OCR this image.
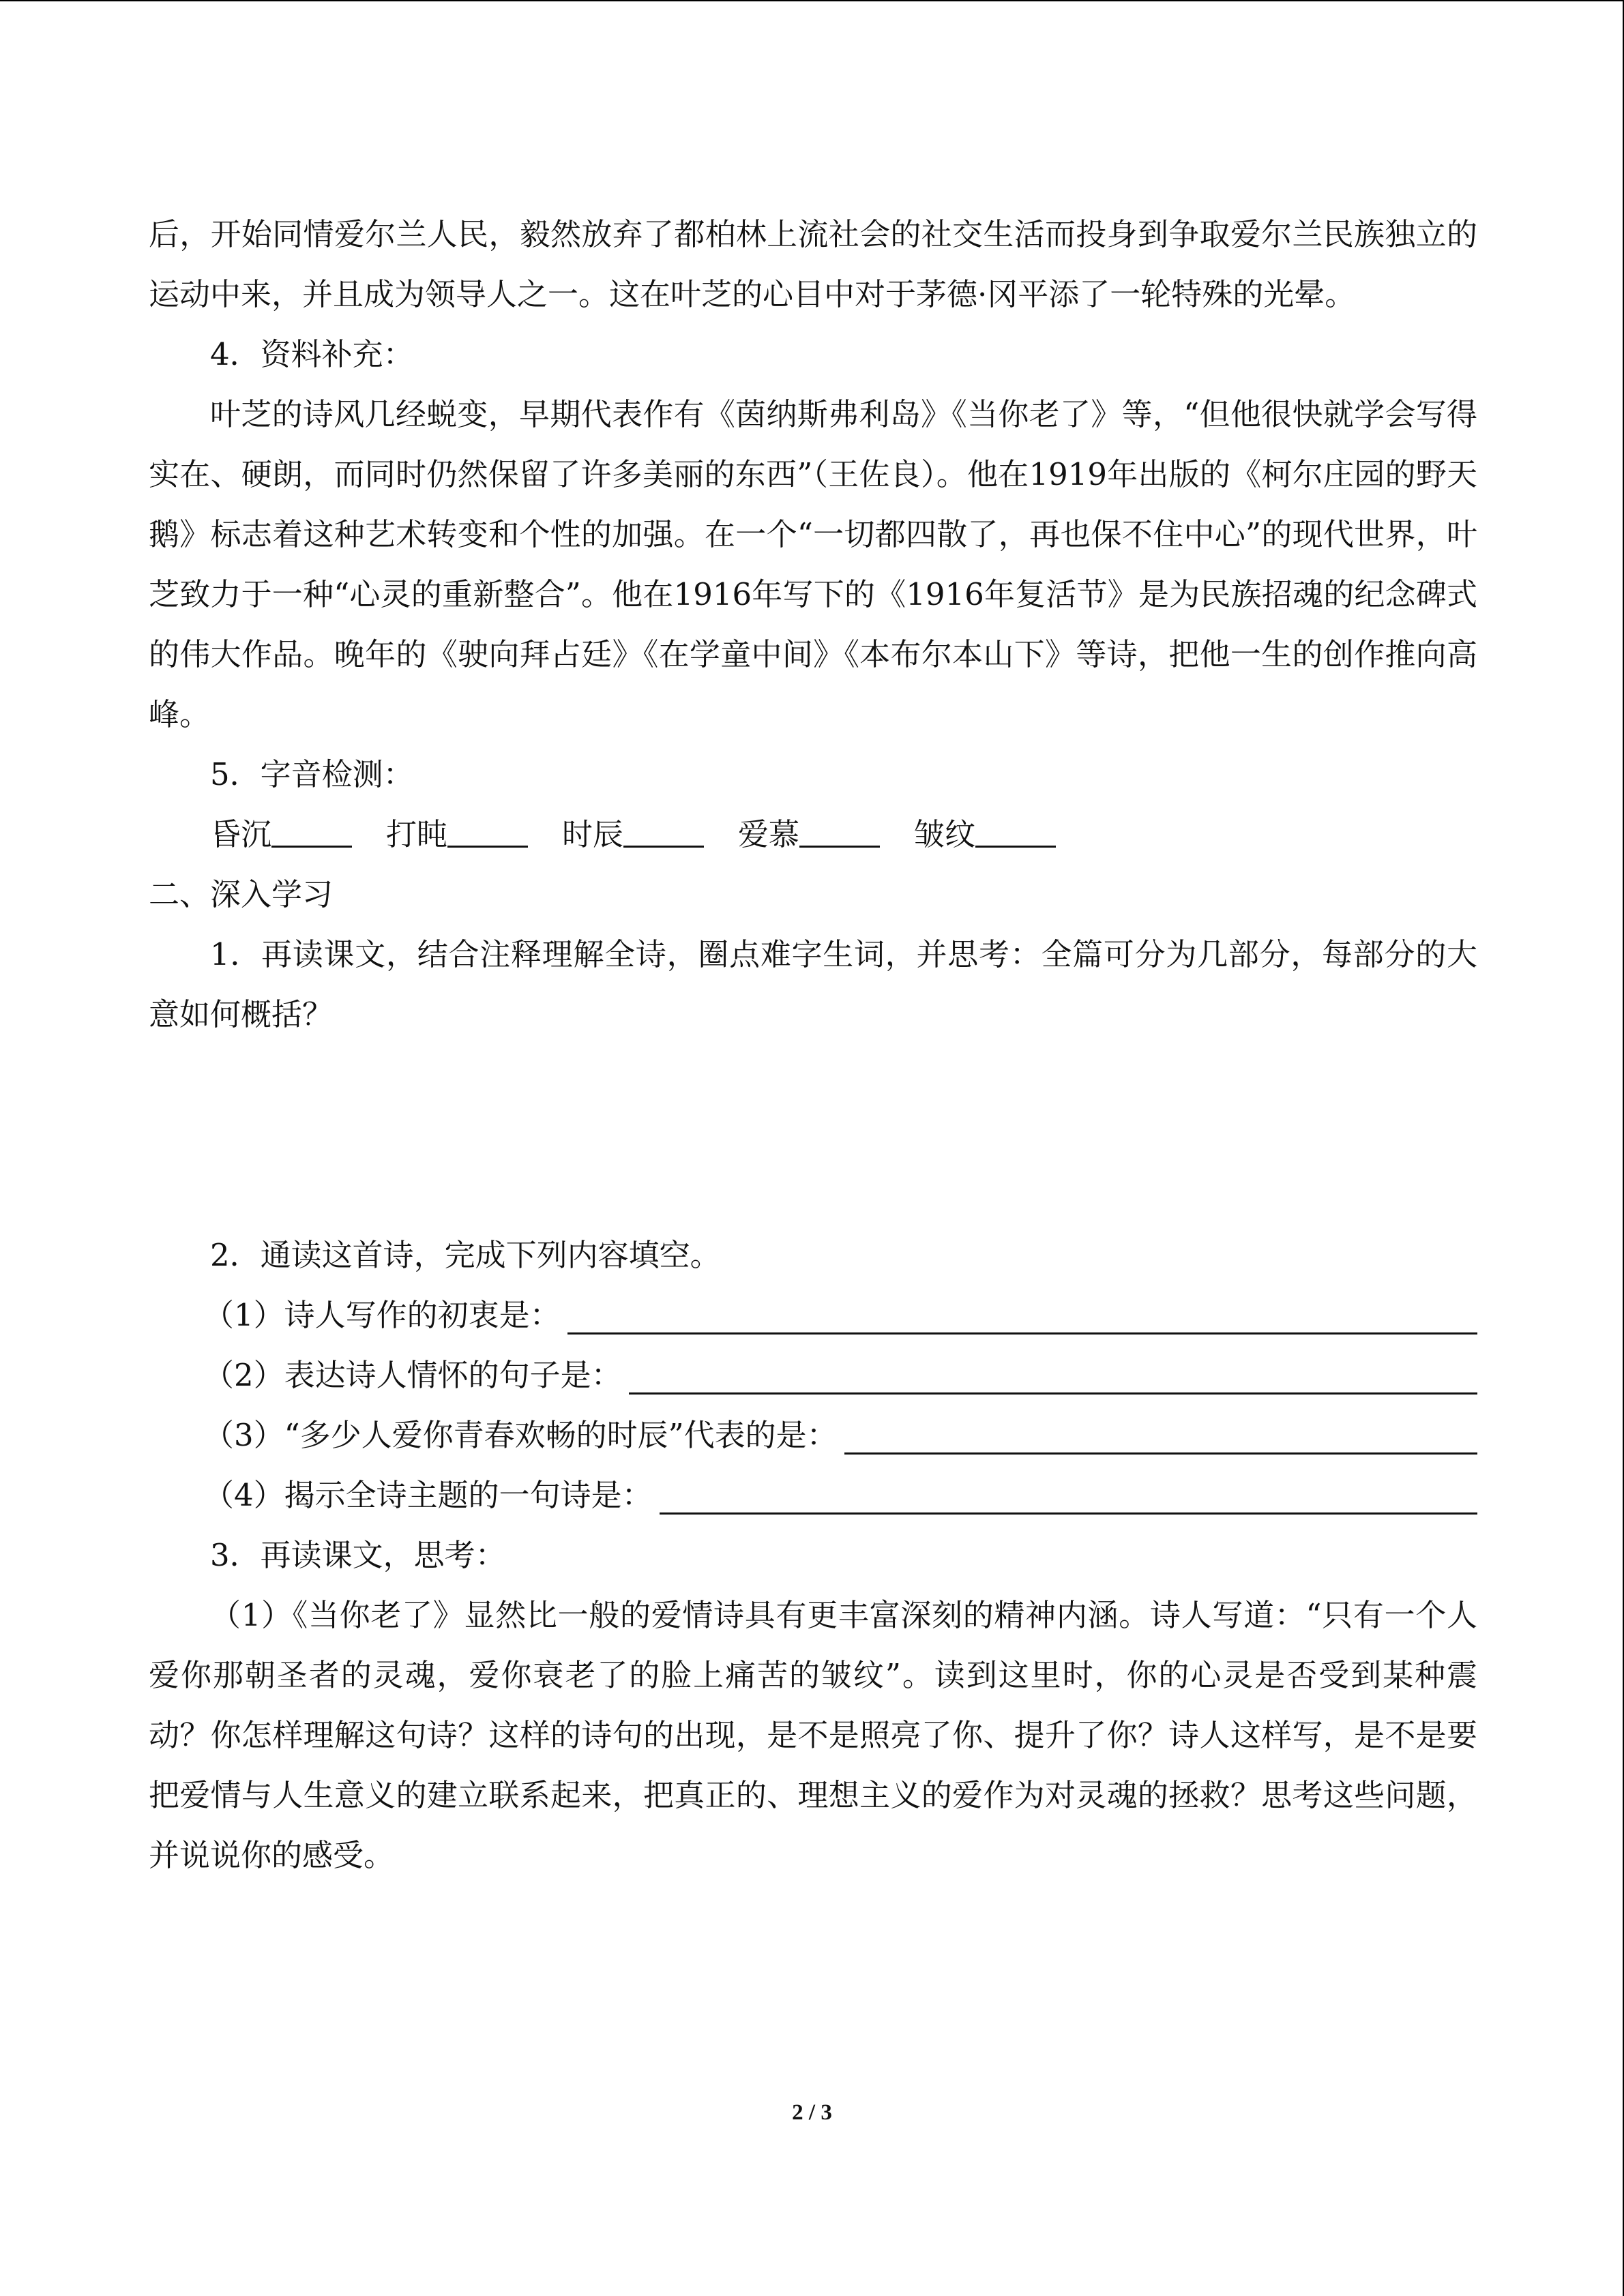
后，开始同情爱尔兰人民，毅然放弃了都柏林上流社会的社交生活而投身到争取爱尔兰民族独立的运动中来，并且成为领导人之一。这在叶芝的心目中对于茅德·冈平添了一轮特殊的光晕。

4．资料补充：

叶芝的诗风几经蜕变，早期代表作有《茵纳斯弗利岛》《当你老了》等，“但他很快就学会写得实在、硬朗，而同时仍然保留了许多美丽的东西”（王佐良）。他在1919年出版的《柯尔庄园的野天鹅》标志着这种艺术转变和个性的加强。在一个“一切都四散了，再也保不住中心”的现代世界，叶芝致力于一种“心灵的重新整合”。他在1916年写下的《1916年复活节》是为民族招魂的纪念碑式的伟大作品。晚年的《驶向拜占廷》《在学童中间》《本布尔本山下》等诗，把他一生的创作推向高峰。

5．字音检测：

昏沉	打盹	时辰	爱慕	皱纹

二、深入学习

1．再读课文，结合注释理解全诗，圈点难字生词，并思考：全篇可分为几部分，每部分的大意如何概括？

2．通读这首诗，完成下列内容填空。

（1）诗人写作的初衷是：
（2）表达诗人情怀的句子是：
（3）“多少人爱你青春欢畅的时辰”代表的是：
（4）揭示全诗主题的一句诗是：

3．再读课文，思考：

（1）《当你老了》显然比一般的爱情诗具有更丰富深刻的精神内涵。诗人写道：“只有一个人爱你那朝圣者的灵魂，爱你衰老了的脸上痛苦的皱纹”。读到这里时，你的心灵是否受到某种震动？你怎样理解这句诗？这样的诗句的出现，是不是照亮了你、提升了你？诗人这样写，是不是要把爱情与人生意义的建立联系起来，把真正的、理想主义的爱作为对灵魂的拯救？思考这些问题，并说说你的感受。

2 / 3
